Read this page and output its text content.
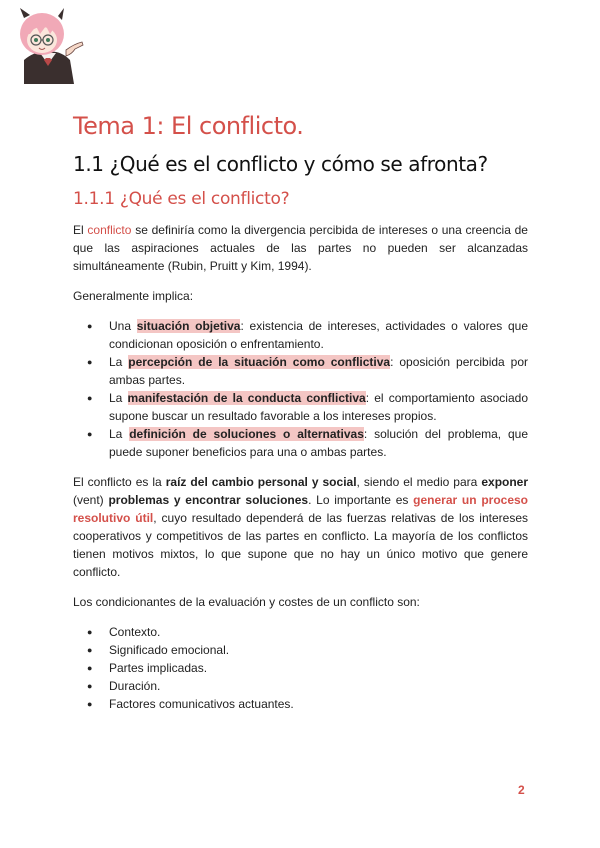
Tema 1: El conflicto.
1.1 ¿Qué es el conflicto y cómo se afronta?
1.1.1 ¿Qué es el conflicto?

El conflicto se definiría como la divergencia percibida de intereses o una creencia de que las aspiraciones actuales de las partes no pueden ser alcanzadas simultáneamente (Rubin, Pruitt y Kim, 1994).

Generalmente implica:

● Una situación objetiva: existencia de intereses, actividades o valores que condicionan oposición o enfrentamiento.
● La percepción de la situación como conflictiva: oposición percibida por ambas partes.
● La manifestación de la conducta conflictiva: el comportamiento asociado supone buscar un resultado favorable a los intereses propios.
● La definición de soluciones o alternativas: solución del problema, que puede suponer beneficios para una o ambas partes.

El conflicto es la raíz del cambio personal y social, siendo el medio para exponer (vent) problemas y encontrar soluciones. Lo importante es generar un proceso resolutivo útil, cuyo resultado dependerá de las fuerzas relativas de los intereses cooperativos y competitivos de las partes en conflicto. La mayoría de los conflictos tienen motivos mixtos, lo que supone que no hay un único motivo que genere conflicto.

Los condicionantes de la evaluación y costes de un conflicto son:

● Contexto.
● Significado emocional.
● Partes implicadas.
● Duración.
● Factores comunicativos actuantes.
2
